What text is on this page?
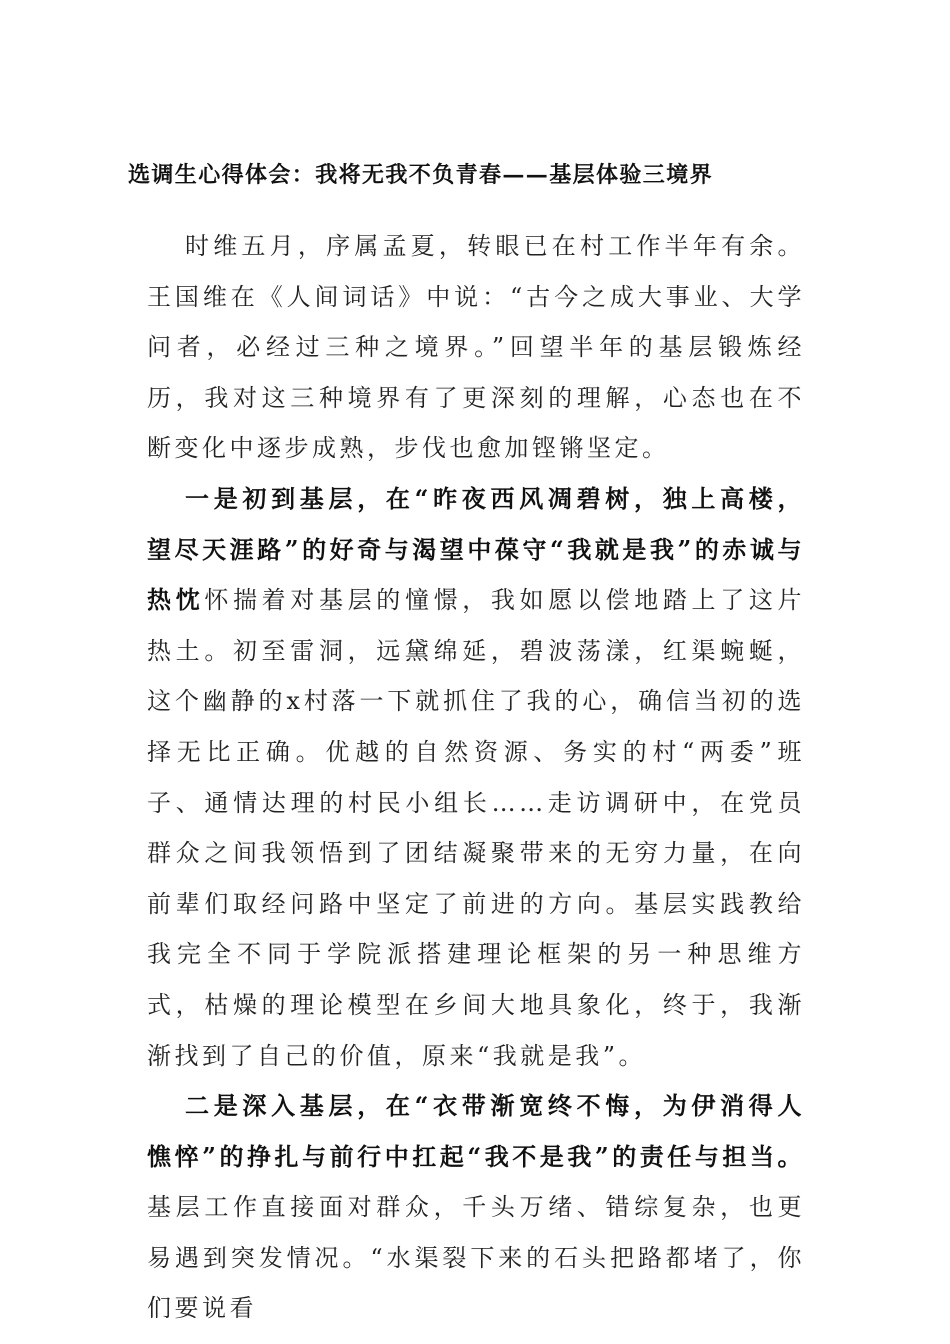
选调生心得体会：我将无我不负青春——基层体验三境界

时维五月，序属孟夏，转眼已在村工作半年有余。王国维在《人间词话》中说：“古今之成大事业、大学问者，必经过三种之境界。”回望半年的基层锻炼经历，我对这三种境界有了更深刻的理解，心态也在不断变化中逐步成熟，步伐也愈加铿锵坚定。

一是初到基层，在“昨夜西风凋碧树，独上高楼，望尽天涯路”的好奇与渴望中葆守“我就是我”的赤诚与热忱怀揣着对基层的憧憬，我如愿以偿地踏上了这片热土。初至雷洞，远黛绵延，碧波荡漾，红渠蜿蜒，这个幽静的x村落一下就抓住了我的心，确信当初的选择无比正确。优越的自然资源、务实的村“两委”班子、通情达理的村民小组长……走访调研中，在党员群众之间我领悟到了团结凝聚带来的无穷力量，在向前辈们取经问路中坚定了前进的方向。基层实践教给我完全不同于学院派搭建理论框架的另一种思维方式，枯燥的理论模型在乡间大地具象化，终于，我渐渐找到了自己的价值，原来“我就是我”。

二是深入基层，在“衣带渐宽终不悔，为伊消得人憔悴”的挣扎与前行中扛起“我不是我”的责任与担当。基层工作直接面对群众，千头万绪、错综复杂，也更易遇到突发情况。“水渠裂下来的石头把路都堵了，你们要说看
